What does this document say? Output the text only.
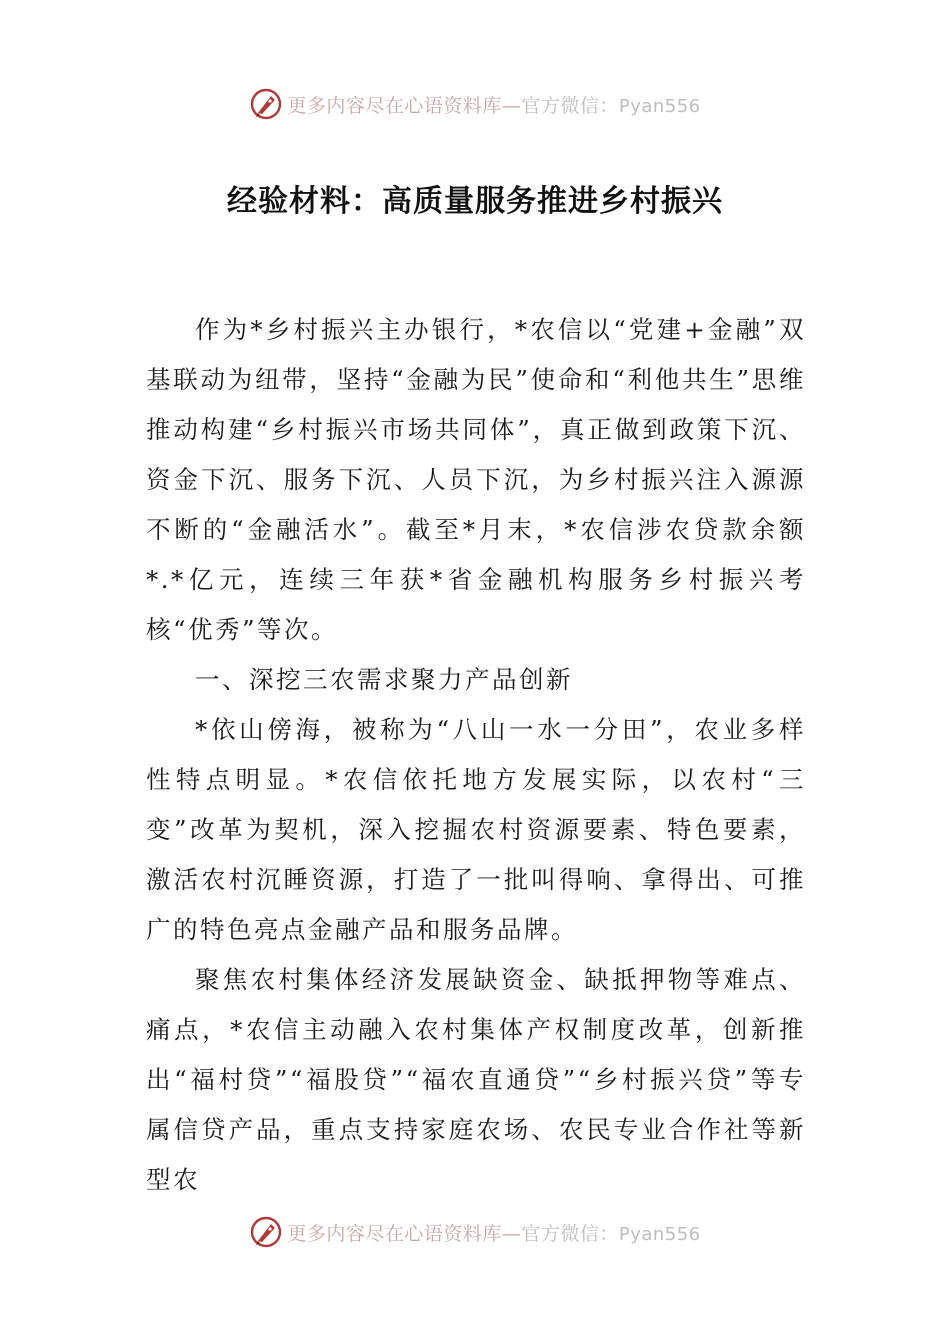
更多内容尽在心语资料库—官方微信：Pyan556
经验材料：高质量服务推进乡村振兴

作为*乡村振兴主办银行，*农信以“党建+金融”双基联动为纽带，坚持“金融为民”使命和“利他共生”思维推动构建“乡村振兴市场共同体”，真正做到政策下沉、资金下沉、服务下沉、人员下沉，为乡村振兴注入源源不断的“金融活水”。截至*月末，*农信涉农贷款余额*.*亿元，连续三年获*省金融机构服务乡村振兴考核“优秀”等次。

一、深挖三农需求聚力产品创新

*依山傍海，被称为“八山一水一分田”，农业多样性特点明显。*农信依托地方发展实际，以农村“三变”改革为契机，深入挖掘农村资源要素、特色要素，激活农村沉睡资源，打造了一批叫得响、拿得出、可推广的特色亮点金融产品和服务品牌。

聚焦农村集体经济发展缺资金、缺抵押物等难点、痛点，*农信主动融入农村集体产权制度改革，创新推出“福村贷”“福股贷”“福农直通贷”“乡村振兴贷”等专属信贷产品，重点支持家庭农场、农民专业合作社等新型农

更多内容尽在心语资料库—官方微信：Pyan556
